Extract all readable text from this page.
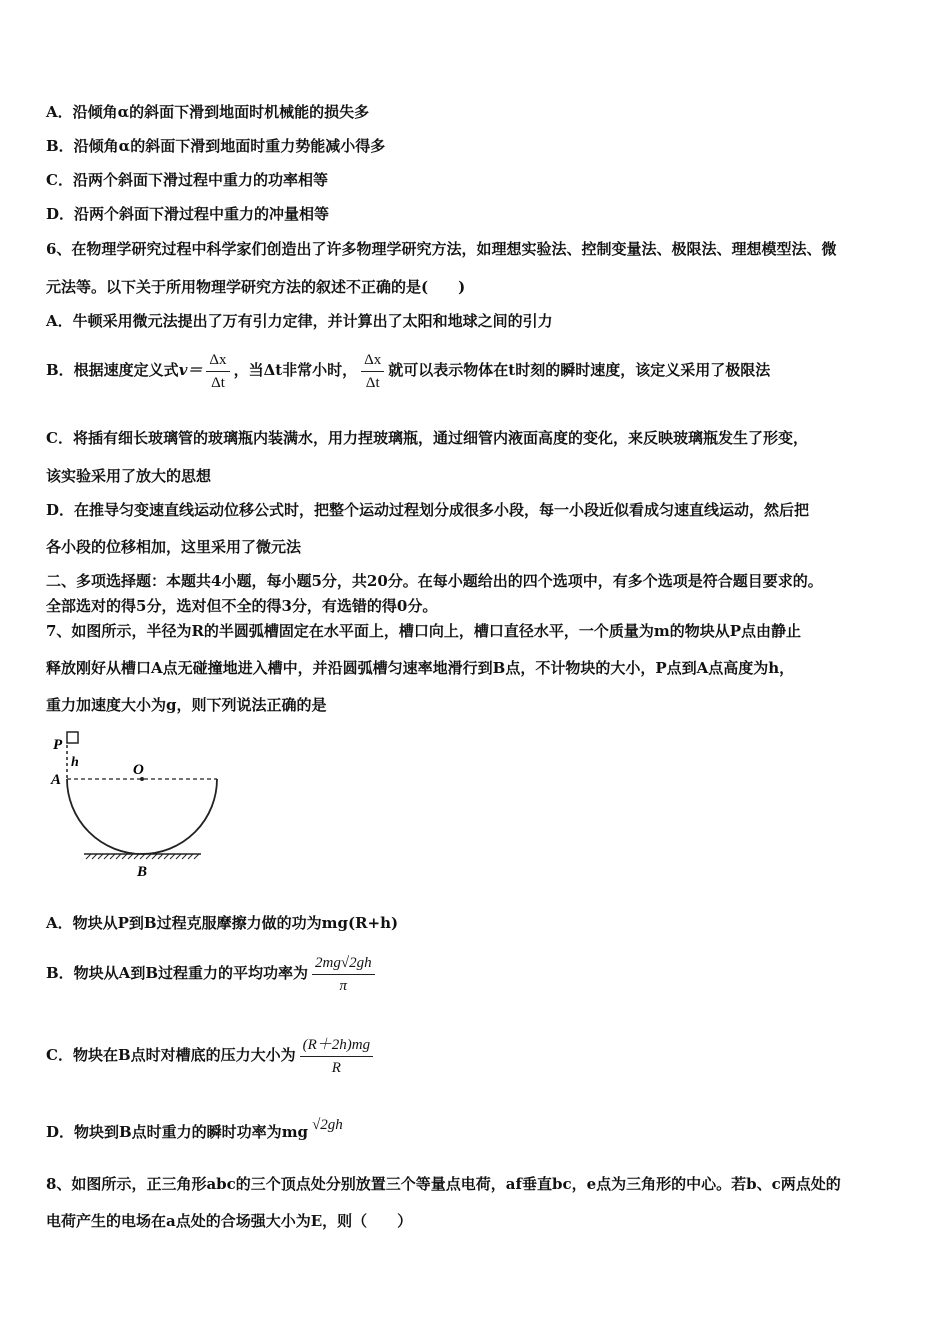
A．沿倾角α的斜面下滑到地面时机械能的损失多
B．沿倾角α的斜面下滑到地面时重力势能减小得多
C．沿两个斜面下滑过程中重力的功率相等
D．沿两个斜面下滑过程中重力的冲量相等
6、在物理学研究过程中科学家们创造出了许多物理学研究方法，如理想实验法、控制变量法、极限法、理想模型法、微
元法等。以下关于所用物理学研究方法的叙述不正确的是(　　)
A．牛顿采用微元法提出了万有引力定律，并计算出了太阳和地球之间的引力
B．根据速度定义式$v= \frac{\Delta x}{\Delta t}$ ，当Δt非常小时， $\frac{\Delta x}{\Delta t}$ 就可以表示物体在t时刻的瞬时速度，该定义采用了极限法
C．将插有细长玻璃管的玻璃瓶内装满水，用力捏玻璃瓶，通过细管内液面高度的变化，来反映玻璃瓶发生了形变，
该实验采用了放大的思想
D．在推导匀变速直线运动位移公式时，把整个运动过程划分成很多小段，每一小段近似看成匀速直线运动，然后把
各小段的位移相加，这里采用了微元法
二、多项选择题：本题共4小题，每小题5分，共20分。在每小题给出的四个选项中，有多个选项是符合题目要求的。
全部选对的得5分，选对但不全的得3分，有选错的得0分。
7、如图所示，半径为R的半圆弧槽固定在水平面上，槽口向上，槽口直径水平，一个质量为m的物块从P点由静止
释放刚好从槽口A点无碰撞地进入槽中，并沿圆弧槽匀速率地滑行到B点，不计物块的大小，P点到A点高度为h，
重力加速度大小为g，则下列说法正确的是
P
h
A
O
B
A．物块从P到B过程克服摩擦力做的功为mg(R+h)
B．物块从A到B过程重力的平均功率为 $\frac{2mg√2gh}{\pi}$
C．物块在B点时对槽底的压力大小为 $\frac{(R+2h)mg}{R}$
D．物块到B点时重力的瞬时功率为mg √2gh
8、如图所示，正三角形abc的三个顶点处分别放置三个等量点电荷，af垂直bc，e点为三角形的中心。若b、c两点处的
电荷产生的电场在a点处的合场强大小为E，则（　　）
